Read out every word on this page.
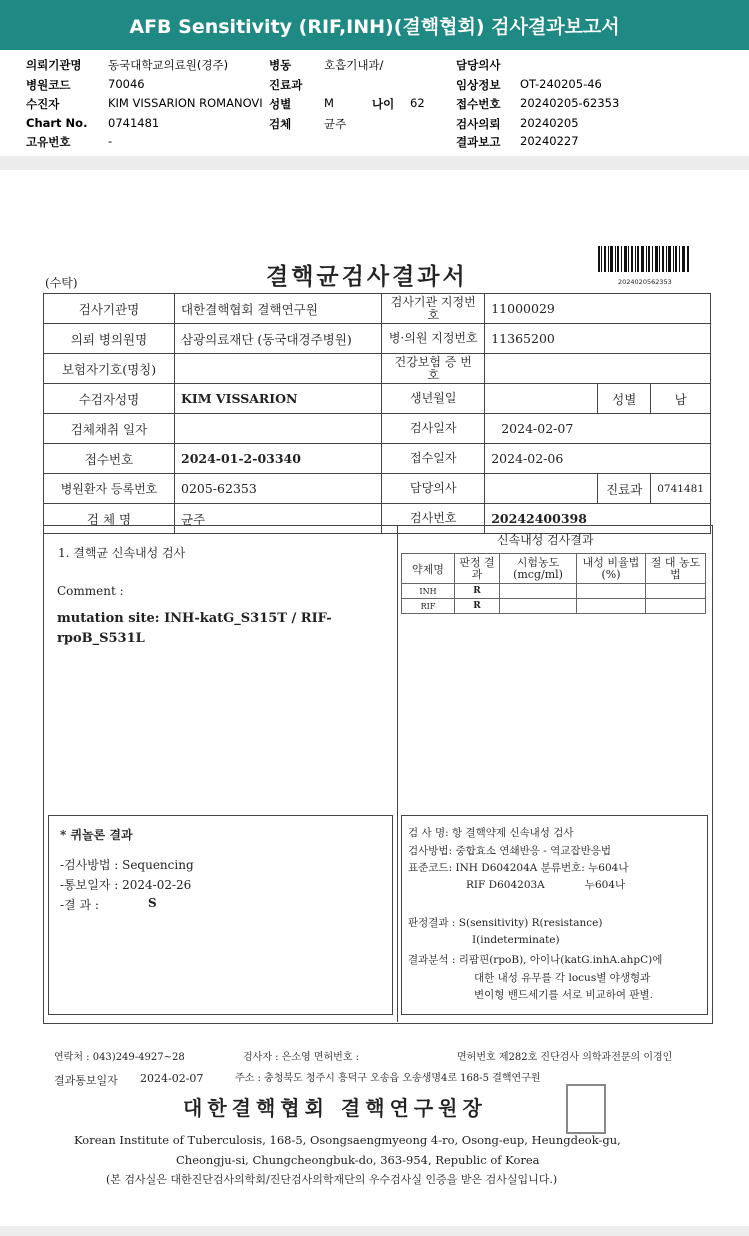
AFB Sensitivity (RIF,INH)(결핵협회) 검사결과보고서
의뢰기관명 동국대학교의료원(경주)
병원코드	70046
수진자	KIM VISSARION ROMANOVI
Chart No. 0741481
고유번호	-
병동	호흡기내과/
진료과
성별	M	나이 62
검체	균주
담당의사
임상정보 OT-240205-46
접수번호 20240205-62353
검사의뢰 20240205
결과보고 20240227
(수탁)	결핵균검사결과서	2024020562353
검사기관명	대한결핵협회 결핵연구원	검사기관 지정번호	11000029		
의뢰 병의원명	삼광의료재단 (동국대경주병원)	병·의원 지정번호	11365200		
보험자기호(명칭)		건강보험 증 번 호			
수검자성명	KIM VISSARION	생년월일		성별	남
검체채취 일자		검사일자	2024-02-07		
접수번호	2024-01-2-03340	접수일자	2024-02-06		
병원환자 등록번호	0205-62353	담당의사		진료과	0741481
검 체 명	균주	검사번호	20242400398		
1. 결핵균 신속내성 검사
Comment :
mutation site: INH-katG_S315T / RIF-
rpoB_S531L
* 퀴놀론 결과
-검사방법 : Sequencing
-통보일자 : 2024-02-26
-결 과 :	S
신속내성 검사결과
약제명	판정 결과	시험농도 (mcg/ml)	내성 비율법(%)	절 대 농도법
INH	R			
RIF	R			
검 사 명: 항 결핵약제 신속내성 검사
검사방법: 중합효소 연쇄반응 - 역교잡반응법
표준코드: INH D604204A 분류번호: 누604나
RIF D604203A            누604나
판정결과 : S(sensitivity) R(resistance)
I(indeterminate)
결과분석 : 리팜핀(rpoB), 아이나(katG.inhA.ahpC)에
대한 내성 유무를 각 locus별 야생형과
변이형 밴드세기를 서로 비교하여 판별.
연락처 : 043)249-4927~28	검사자 : 은소영 면허번호 :	면허번호 제282호 진단검사 의학과전문의 이경인
결과통보일자 2024-02-07	주소 : 충청북도 청주시 흥덕구 오송읍 오송생명4로 168-5 결핵연구원
대한결핵협회 결핵연구원장
Korean Institute of Tuberculosis, 168-5, Osongsaengmyeong 4-ro, Osong-eup, Heungdeok-gu,
Cheongju-si, Chungcheongbuk-do, 363-954, Republic of Korea
(본 검사실은 대한진단검사의학회/진단검사의학재단의 우수검사실 인증을 받은 검사실입니다.)
